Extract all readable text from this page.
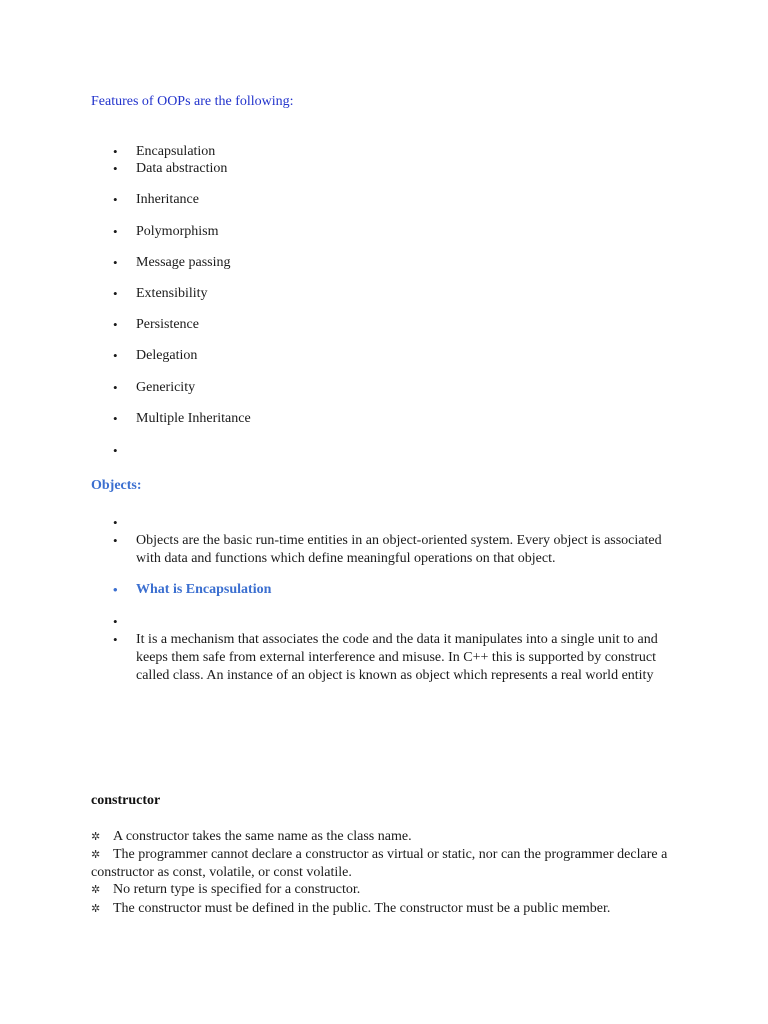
Features of OOPs are the following:
•	Encapsulation
•	Data abstraction
•	Inheritance
•	Polymorphism
•	Message passing
•	Extensibility
•	Persistence
•	Delegation
•	Genericity
•	Multiple Inheritance
•
Objects:
•
•	Objects are the basic run-time entities in an object-oriented system. Every object is associated with data and functions which define meaningful operations on that object.
•	What is Encapsulation
•
•	It is a mechanism that associates the code and the data it manipulates into a single unit to and keeps them safe from external interference and misuse. In C++ this is supported by construct called class. An instance of an object is known as object which represents a real world entity
constructor
✲ A constructor takes the same name as the class name.
✲ The programmer cannot declare a constructor as virtual or static, nor can the programmer declare a constructor as const, volatile, or const volatile.
✲ No return type is specified for a constructor.
✲ The constructor must be defined in the public. The constructor must be a public member.
